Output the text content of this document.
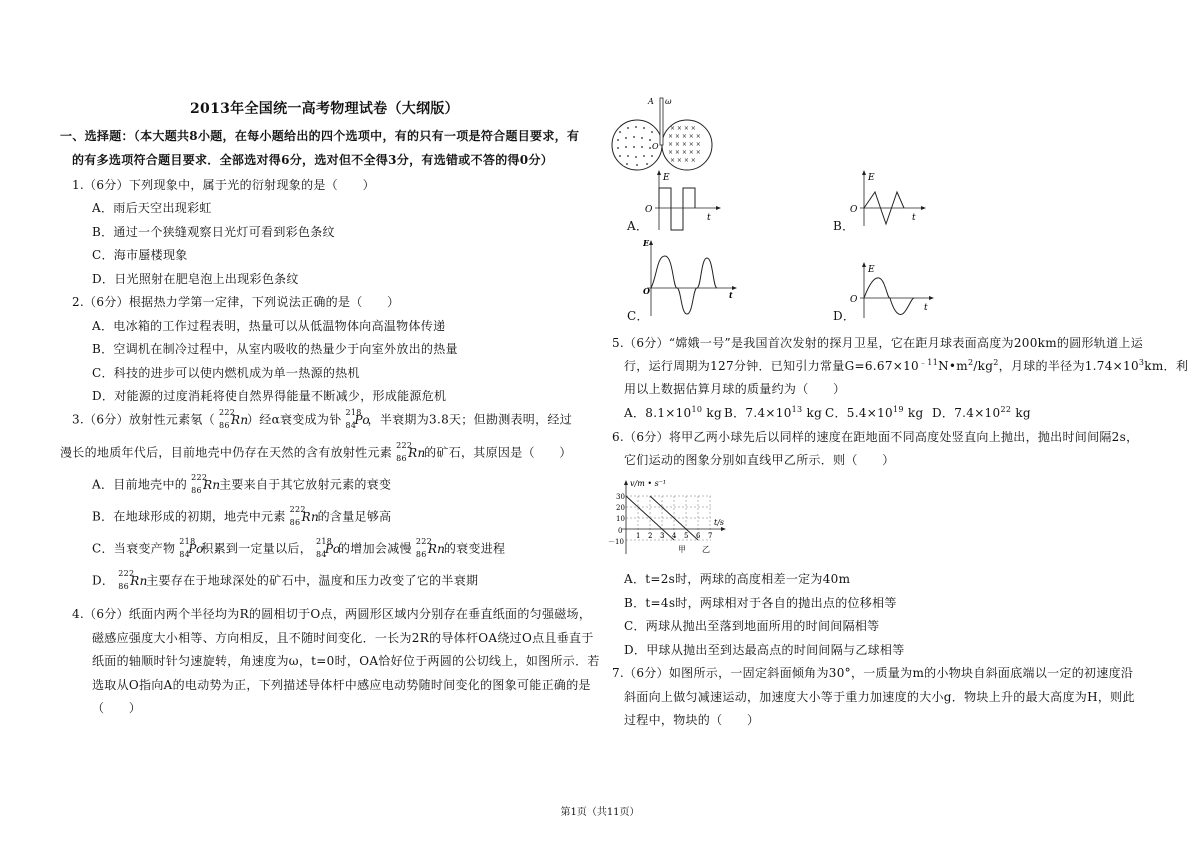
2013年全国统一高考物理试卷（大纲版）
一、选择题：（本大题共8小题，在每小题给出的四个选项中，有的只有一项是符合题目要求，有
的有多选项符合题目要求．全部选对得6分，选对但不全得3分，有选错或不答的得0分）
1.（6分）下列现象中，属于光的衍射现象的是（　　）
A．雨后天空出现彩虹
B．通过一个狭缝观察日光灯可看到彩色条纹
C．海市蜃楼现象
D．日光照射在肥皂泡上出现彩色条纹
2.（6分）根据热力学第一定律，下列说法正确的是（　　）
A．电冰箱的工作过程表明，热量可以从低温物体向高温物体传递
B．空调机在制冷过程中，从室内吸收的热量少于向室外放出的热量
C．科技的进步可以使内燃机成为单一热源的热机
D．对能源的过度消耗将使自然界得能量不断减少，形成能源危机
3.（6分）放射性元素氡（ 222
86 Rn
）经α衰变成为钋 218
84
Po
，半衰期为3.8天；但勘测表明，经过
漫长的地质年代后，目前地壳中仍存在天然的含有放射性元素 222
86 Rn
的矿石，其原因是（　　）
A．目前地壳中的 222
86 Rn
主要来自于其它放射元素的衰变
B．在地球形成的初期，地壳中元素 222
86 Rn
的含量足够高
C．当衰变产物 218
84
Po
积累到一定量以后， 218
84
Po
的增加会减慢 222
86 Rn
的衰变进程
D． 222
86 Rn
主要存在于地球深处的矿石中，温度和压力改变了它的半衰期
4.（6分）纸面内两个半径均为R的圆相切于O点，两圆形区域内分别存在垂直纸面的匀强磁场，
磁感应强度大小相等、方向相反，且不随时间变化．一长为2R的导体杆OA绕过O点且垂直于
纸面的轴顺时针匀速旋转，角速度为ω，t=0时，OA恰好位于两圆的公切线上，如图所示．若
选取从O指向A的电动势为正，下列描述导体杆中感应电动势随时间变化的图象可能正确的是
（　　）
× × × ×
× × × × ×
× × × × ×
× × × × ×
× × × ×
A ω
O
A．
E
O
t
B．
E
O
t
C．
E
O	t
D．
E
O
t
5.（6分）“嫦娥一号”是我国首次发射的探月卫星，它在距月球表面高度为200km的圆形轨道上运
行，运行周期为127分钟．已知引力常量$G=6.67\times 10^{﹣11}N•m^2/kg^2$，月球的半径为$1.74\times 10^3km$．利
用以上数据估算月球的质量约为（　　）
A．$8.1\times 10^{10}$ kg B．$7.4\times 10^{13}$ kg C．$5.4\times 10^{19}$ kg D．$7.4\times 10^{22}$ kg
6.（6分）将甲乙两小球先后以同样的速度在距地面不同高度处竖直向上抛出，抛出时间间隔2s，
它们运动的图象分别如直线甲乙所示．则（　　）
v/m • s⁻¹
t/s
30
20
10
0
－10
1 2 3 4 5 6 7
甲 乙
A．t=2s时，两球的高度相差一定为40m
B．t=4s时，两球相对于各自的抛出点的位移相等
C．两球从抛出至落到地面所用的时间间隔相等
D．甲球从抛出至到达最高点的时间间隔与乙球相等
7.（6分）如图所示，一固定斜面倾角为30°，一质量为m的小物块自斜面底端以一定的初速度沿
斜面向上做匀减速运动，加速度大小等于重力加速度的大小g．物块上升的最大高度为H，则此
过程中，物块的（　　）
第1页（共11页）
